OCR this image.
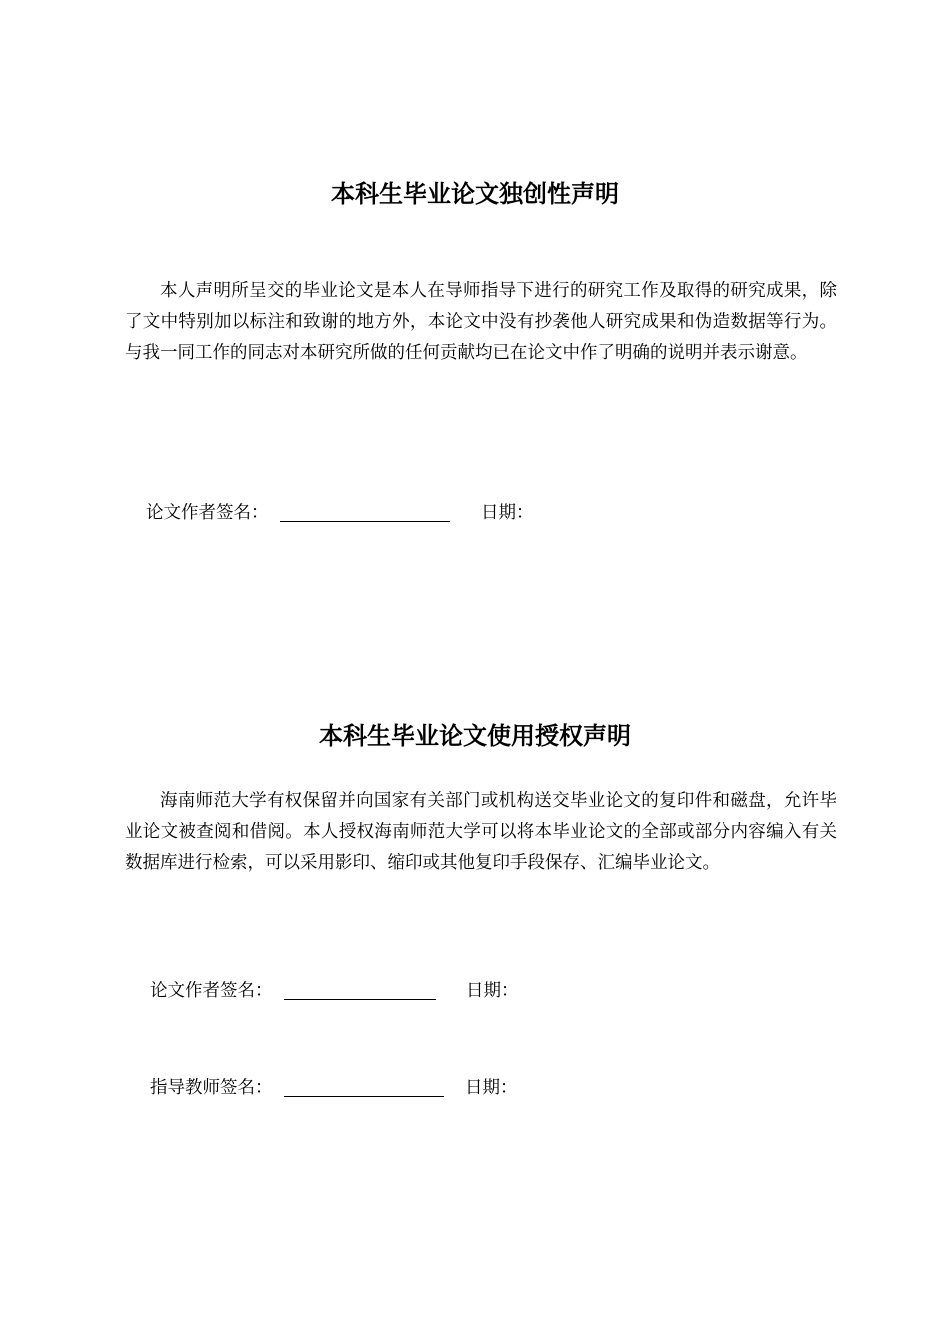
本科生毕业论文独创性声明

本人声明所呈交的毕业论文是本人在导师指导下进行的研究工作及取得的研究成果，除了文中特别加以标注和致谢的地方外，本论文中没有抄袭他人研究成果和伪造数据等行为。与我一同工作的同志对本研究所做的任何贡献均已在论文中作了明确的说明并表示谢意。

论文作者签名：	日期：
本科生毕业论文使用授权声明

海南师范大学有权保留并向国家有关部门或机构送交毕业论文的复印件和磁盘，允许毕业论文被查阅和借阅。本人授权海南师范大学可以将本毕业论文的全部或部分内容编入有关数据库进行检索，可以采用影印、缩印或其他复印手段保存、汇编毕业论文。

论文作者签名：	日期：
指导教师签名：	日期：
